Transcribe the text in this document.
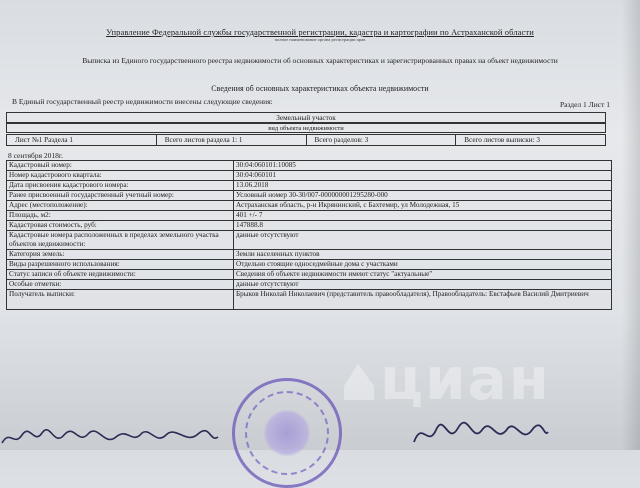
Управление Федеральной службы государственной регистрации, кадастра и картографии по Астраханской области
полное наименование органа регистрации прав
Выписка из Единого государственного реестра недвижимости об основных характеристиках и зарегистрированных правах на объект недвижимости
Сведения об основных характеристиках объекта недвижимости
В Единый государственный реестр недвижимости внесены следующие сведения:	Раздел 1 Лист 1
Земельный участок
вид объекта недвижимости
Лист №1 Раздела 1	Всего листов раздела 1: 1	Всего разделов: 3	Всего листов выписки: 3
8 сентября 2018г.
Кадастровый номер:	30:04:060101:10085
Номер кадастрового квартала:	30:04:060101
Дата присвоения кадастрового номера:	13.06.2018
Ранее присвоенный государственный учетный номер:	Условный номер 30-30/007-000000001295280-000
Адрес (местоположение):	Астраханская область, р-н Икрянинский, с Бахтемир, ул Молодежная, 15
Площадь, м2:	401 +/- 7
Кадастровая стоимость, руб:	147888.8
Кадастровые номера расположенных в пределах земельного участка объектов недвижимости:	данные отсутствуют
Категория земель:	Земли населенных пунктов
Виды разрешенного использования:	Отдельно стоящие односедмейные дома с участками
Статус записи об объекте недвижимости:	Сведения об объекте недвижимости имеют статус "актуальные"
Особые отметки:	данные отсутствуют
Получатель выписки:	Брыков Николай Николаевич (представитель правообладателя), Правообладатель: Евстафьев Василий Дмитриевич
циан
